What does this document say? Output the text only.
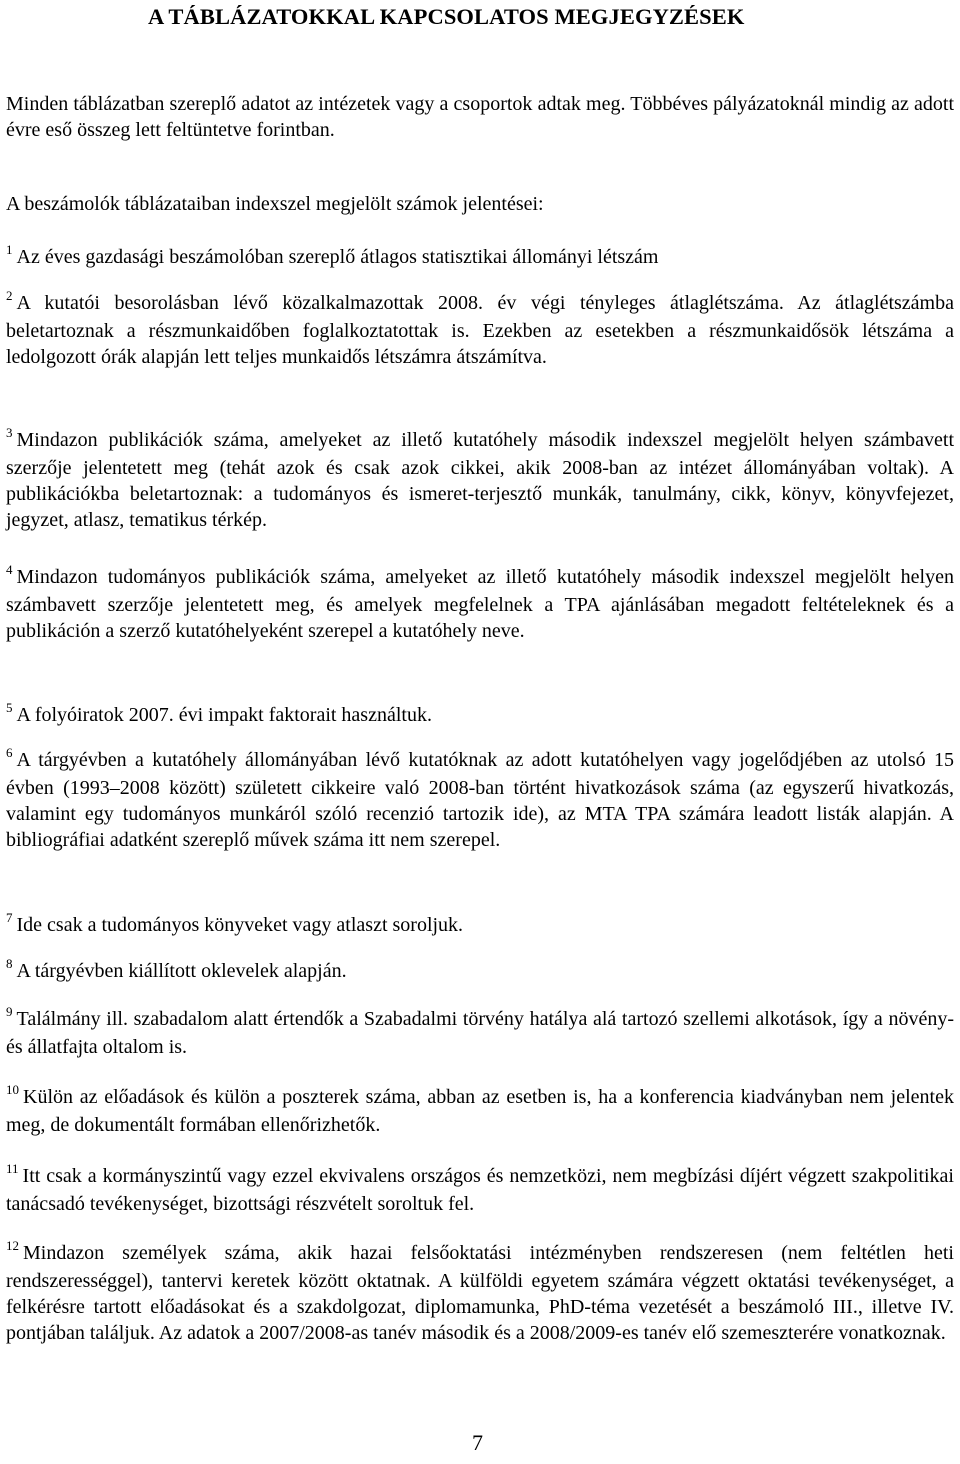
A TÁBLÁZATOKKAL KAPCSOLATOS MEGJEGYZÉSEK
Minden táblázatban szereplő adatot az intézetek vagy a csoportok adtak meg. Többéves pályázatoknál mindig az adott évre eső összeg lett feltüntetve forintban.
A beszámolók táblázataiban indexszel megjelölt számok jelentései:
$^1$ Az éves gazdasági beszámolóban szereplő átlagos statisztikai állományi létszám
$^2$ A kutatói besorolásban lévő közalkalmazottak 2008. év végi tényleges átlaglétszáma. Az átlaglétszámba beletartoznak a részmunkaidőben foglalkoztatottak is. Ezekben az esetekben a részmunkaidősök létszáma a ledolgozott órák alapján lett teljes munkaidős létszámra átszámítva.
$^3$ Mindazon publikációk száma, amelyeket az illető kutatóhely második indexszel megjelölt helyen számbavett szerzője jelentetett meg (tehát azok és csak azok cikkei, akik 2008-ban az intézet állományában voltak). A publikációkba beletartoznak: a tudományos és ismeret-terjesztő munkák, tanulmány, cikk, könyv, könyvfejezet, jegyzet, atlasz, tematikus térkép.
$^4$ Mindazon tudományos publikációk száma, amelyeket az illető kutatóhely második indexszel megjelölt helyen számbavett szerzője jelentetett meg, és amelyek megfelelnek a TPA ajánlásában megadott feltételeknek és a publikáción a szerző kutatóhelyeként szerepel a kutatóhely neve.
$^5$ A folyóiratok 2007. évi impakt faktorait használtuk.
$^6$ A tárgyévben a kutatóhely állományában lévő kutatóknak az adott kutatóhelyen vagy jogelődjében az utolsó 15 évben (1993–2008 között) született cikkeire való 2008-ban történt hivatkozások száma (az egyszerű hivatkozás, valamint egy tudományos munkáról szóló recenzió tartozik ide), az MTA TPA számára leadott listák alapján. A bibliográfiai adatként szereplő művek száma itt nem szerepel.
$^7$ Ide csak a tudományos könyveket vagy atlaszt soroljuk.
$^8$ A tárgyévben kiállított oklevelek alapján.
$^9$ Találmány ill. szabadalom alatt értendők a Szabadalmi törvény hatálya alá tartozó szellemi alkotások, így a növény- és állatfajta oltalom is.
$^{10}$ Külön az előadások és külön a poszterek száma, abban az esetben is, ha a konferencia kiadványban nem jelentek meg, de dokumentált formában ellenőrizhetők.
$^{11}$ Itt csak a kormányszintű vagy ezzel ekvivalens országos és nemzetközi, nem megbízási díjért végzett szakpolitikai tanácsadó tevékenységet, bizottsági részvételt soroltuk fel.
$^{12}$ Mindazon személyek száma, akik hazai felsőoktatási intézményben rendszeresen (nem feltétlen heti rendszerességgel), tantervi keretek között oktatnak. A külföldi egyetem számára végzett oktatási tevékenységet, a felkérésre tartott előadásokat és a szakdolgozat, diplomamunka, PhD-téma vezetését a beszámoló III., illetve IV. pontjában találjuk. Az adatok a 2007/2008-as tanév második és a 2008/2009-es tanév elő szemeszterére vonatkoznak.
7
